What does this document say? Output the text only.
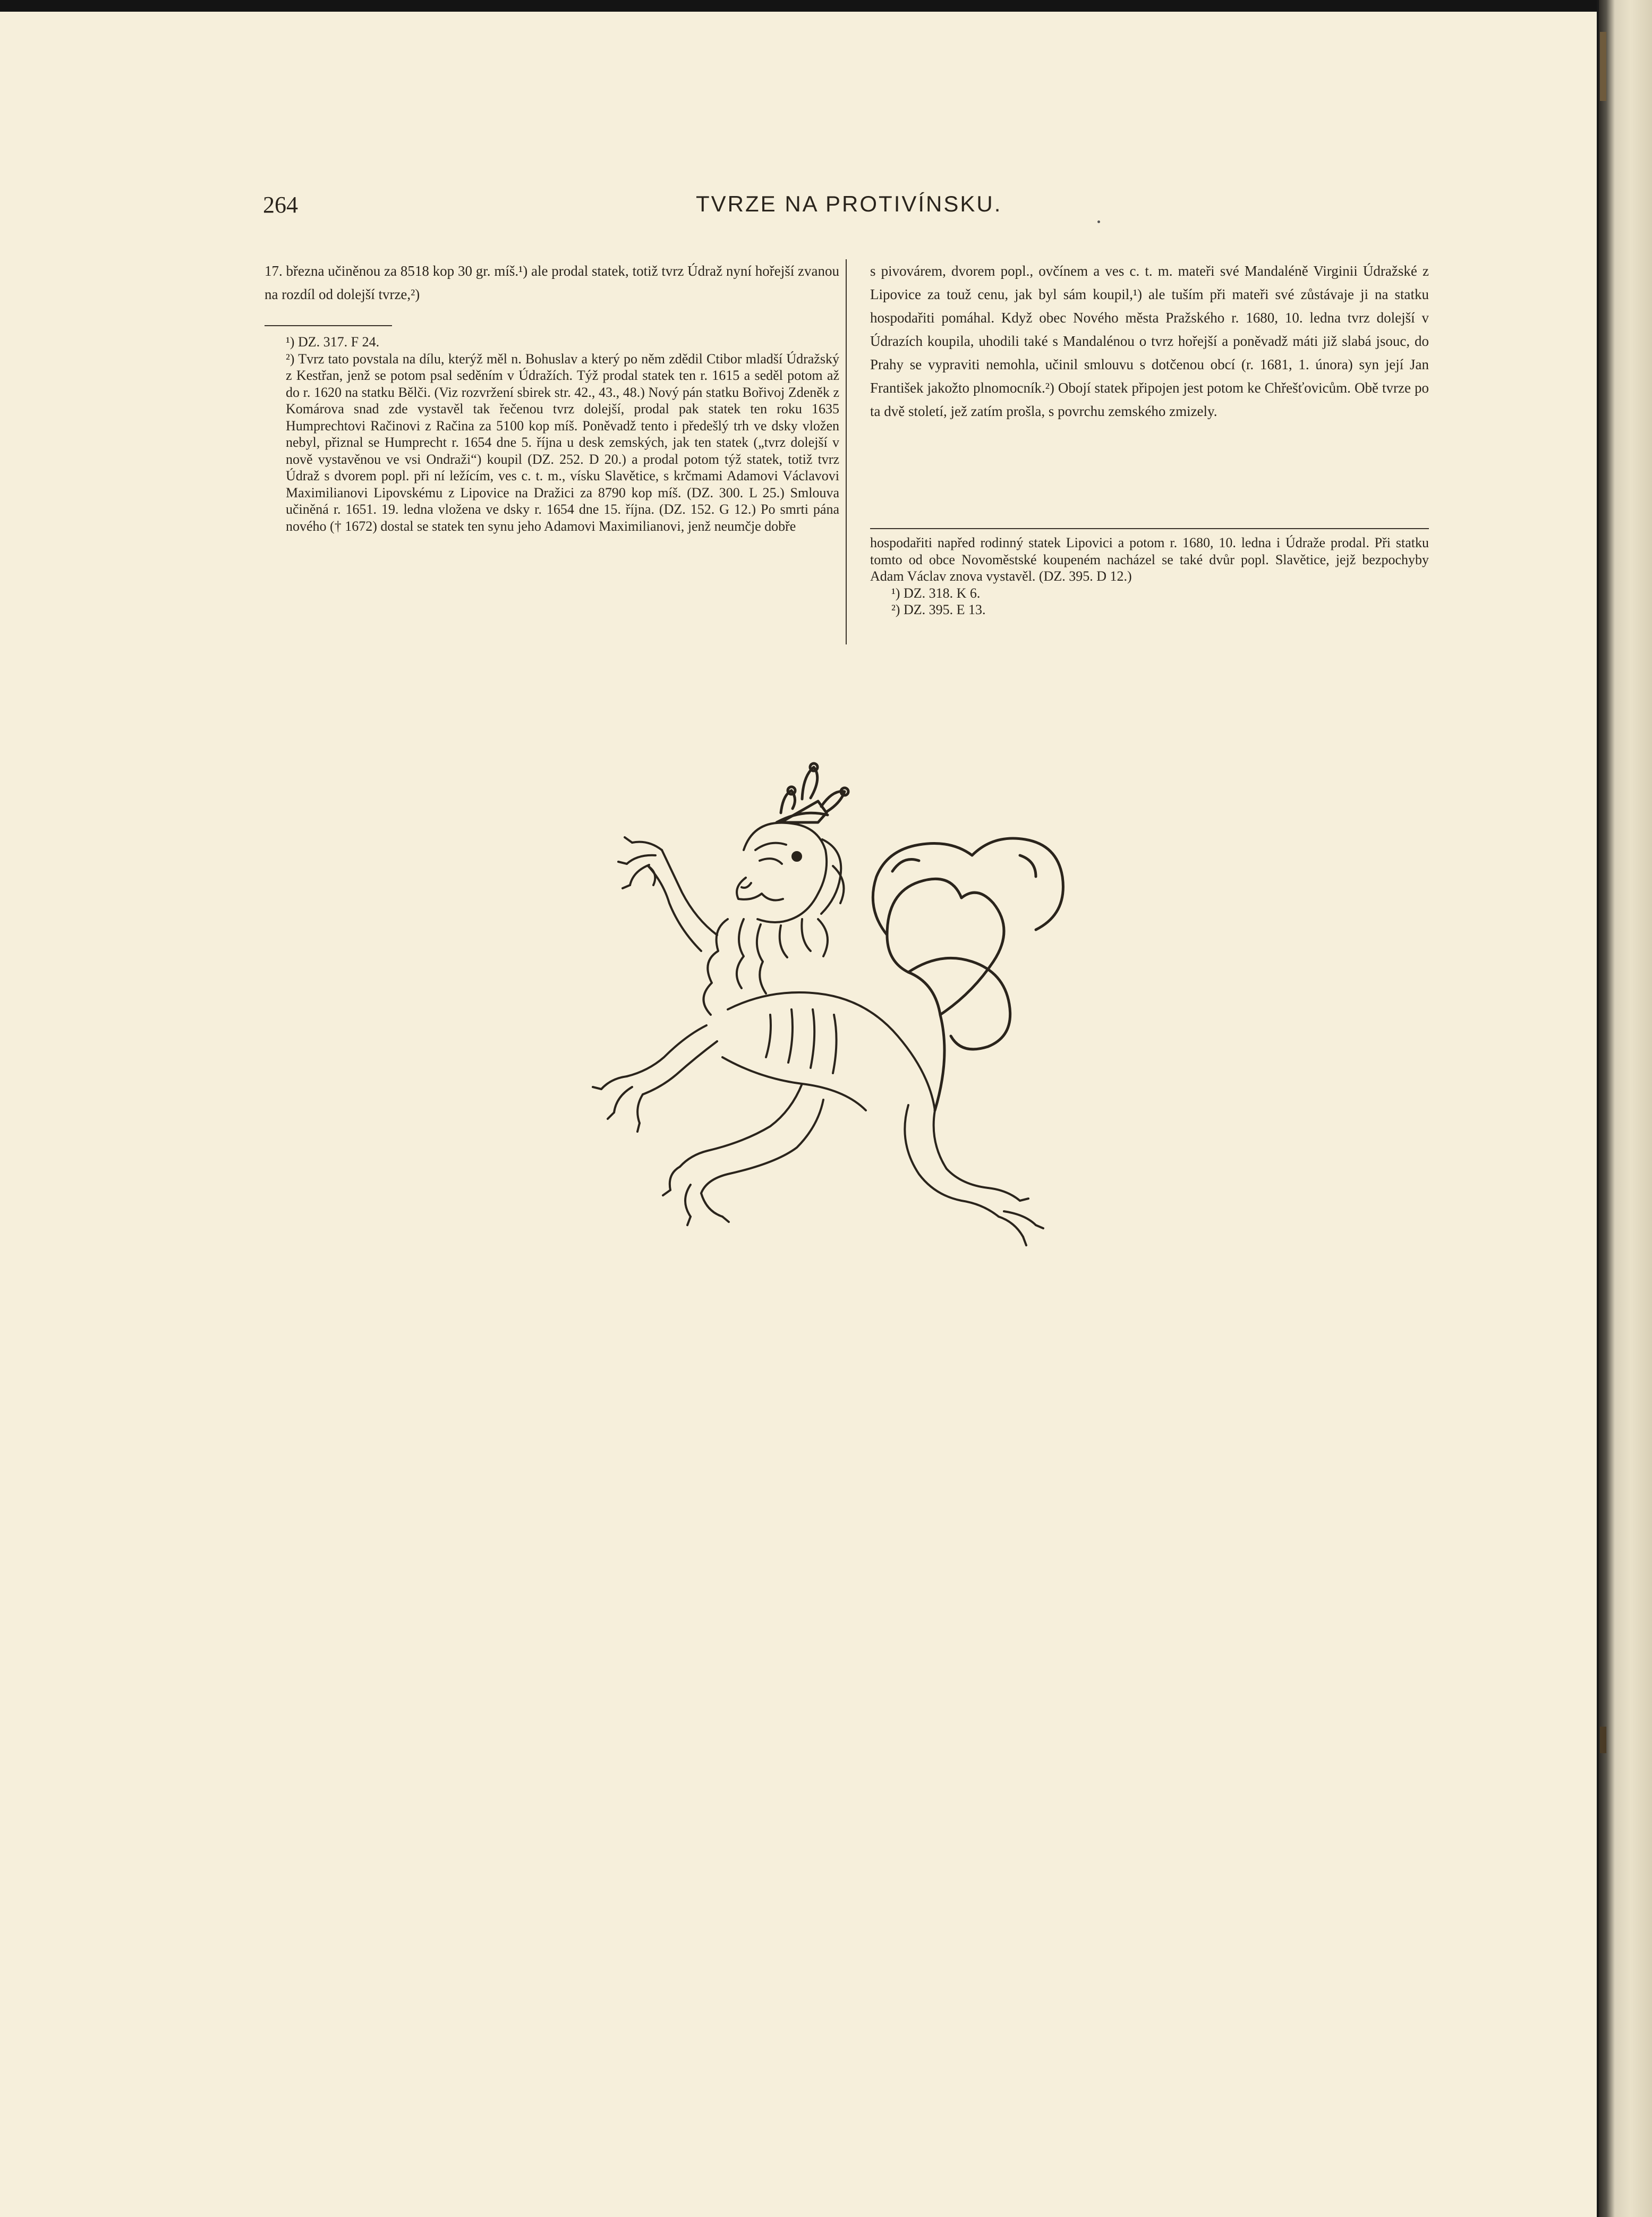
264	TVRZE NA PROTIVÍNSKU.

17. března učiněnou za 8518 kop 30 gr. míš.¹) ale prodal statek, totiž tvrz Údraž nyní hořejší zvanou na rozdíl od dolejší tvrze,²)

¹) DZ. 317. F 24.
²) Tvrz tato povstala na dílu, kterýž měl n. Bohuslav a který po něm zdědil Ctibor mladší Údražský z Kestřan, jenž se potom psal seděním v Údražích. Týž prodal statek ten r. 1615 a seděl potom až do r. 1620 na statku Bělči. (Viz rozvržení sbirek str. 42., 43., 48.) Nový pán statku Bořivoj Zdeněk z Komárova snad zde vystavěl tak řečenou tvrz dolejší, prodal pak statek ten roku 1635 Humprechtovi Račinovi z Račina za 5100 kop míš. Poněvadž tento i předešlý trh ve dsky vložen nebyl, přiznal se Humprecht r. 1654 dne 5. října u desk zemských, jak ten statek („tvrz dolejší v nově vystavěnou ve vsi Ondraži“) koupil (DZ. 252. D 20.) a prodal potom týž statek, totiž tvrz Údraž s dvorem popl. při ní ležícím, ves c. t. m., vísku Slavětice, s krčmami Adamovi Václavovi Maximilianovi Lipovskému z Lipovice na Dražici za 8790 kop míš. (DZ. 300. L 25.) Smlouva učiněná r. 1651. 19. ledna vložena ve dsky r. 1654 dne 15. října. (DZ. 152. G 12.) Po smrti pána nového († 1672) dostal se statek ten synu jeho Adamovi Maximilianovi, jenž neumčje dobře

s pivovárem, dvorem popl., ovčínem a ves c. t. m. mateři své Mandaléně Virginii Údražské z Lipovice za touž cenu, jak byl sám koupil,¹) ale tuším při mateři své zůstávaje ji na statku hospodařiti pomáhal. Když obec Nového města Pražského r. 1680, 10. ledna tvrz dolejší v Údrazích koupila, uhodili také s Mandalénou o tvrz hořejší a poněvadž máti již slabá jsouc, do Prahy se vypraviti nemohla, učinil smlouvu s dotčenou obcí (r. 1681, 1. února) syn její Jan František jakožto plnomocník.²) Obojí statek připojen jest potom ke Chřešťovicům. Obě tvrze po ta dvě století, jež zatím prošla, s povrchu zemského zmizely.

hospodařiti napřed rodinný statek Lipovici a potom r. 1680, 10. ledna i Údraže prodal. Při statku tomto od obce Novoměstské koupeném nacházel se také dvůr popl. Slavětice, jejž bezpochyby Adam Václav znova vystavěl. (DZ. 395. D 12.)

¹) DZ. 318. K 6.
²) DZ. 395. E 13.
